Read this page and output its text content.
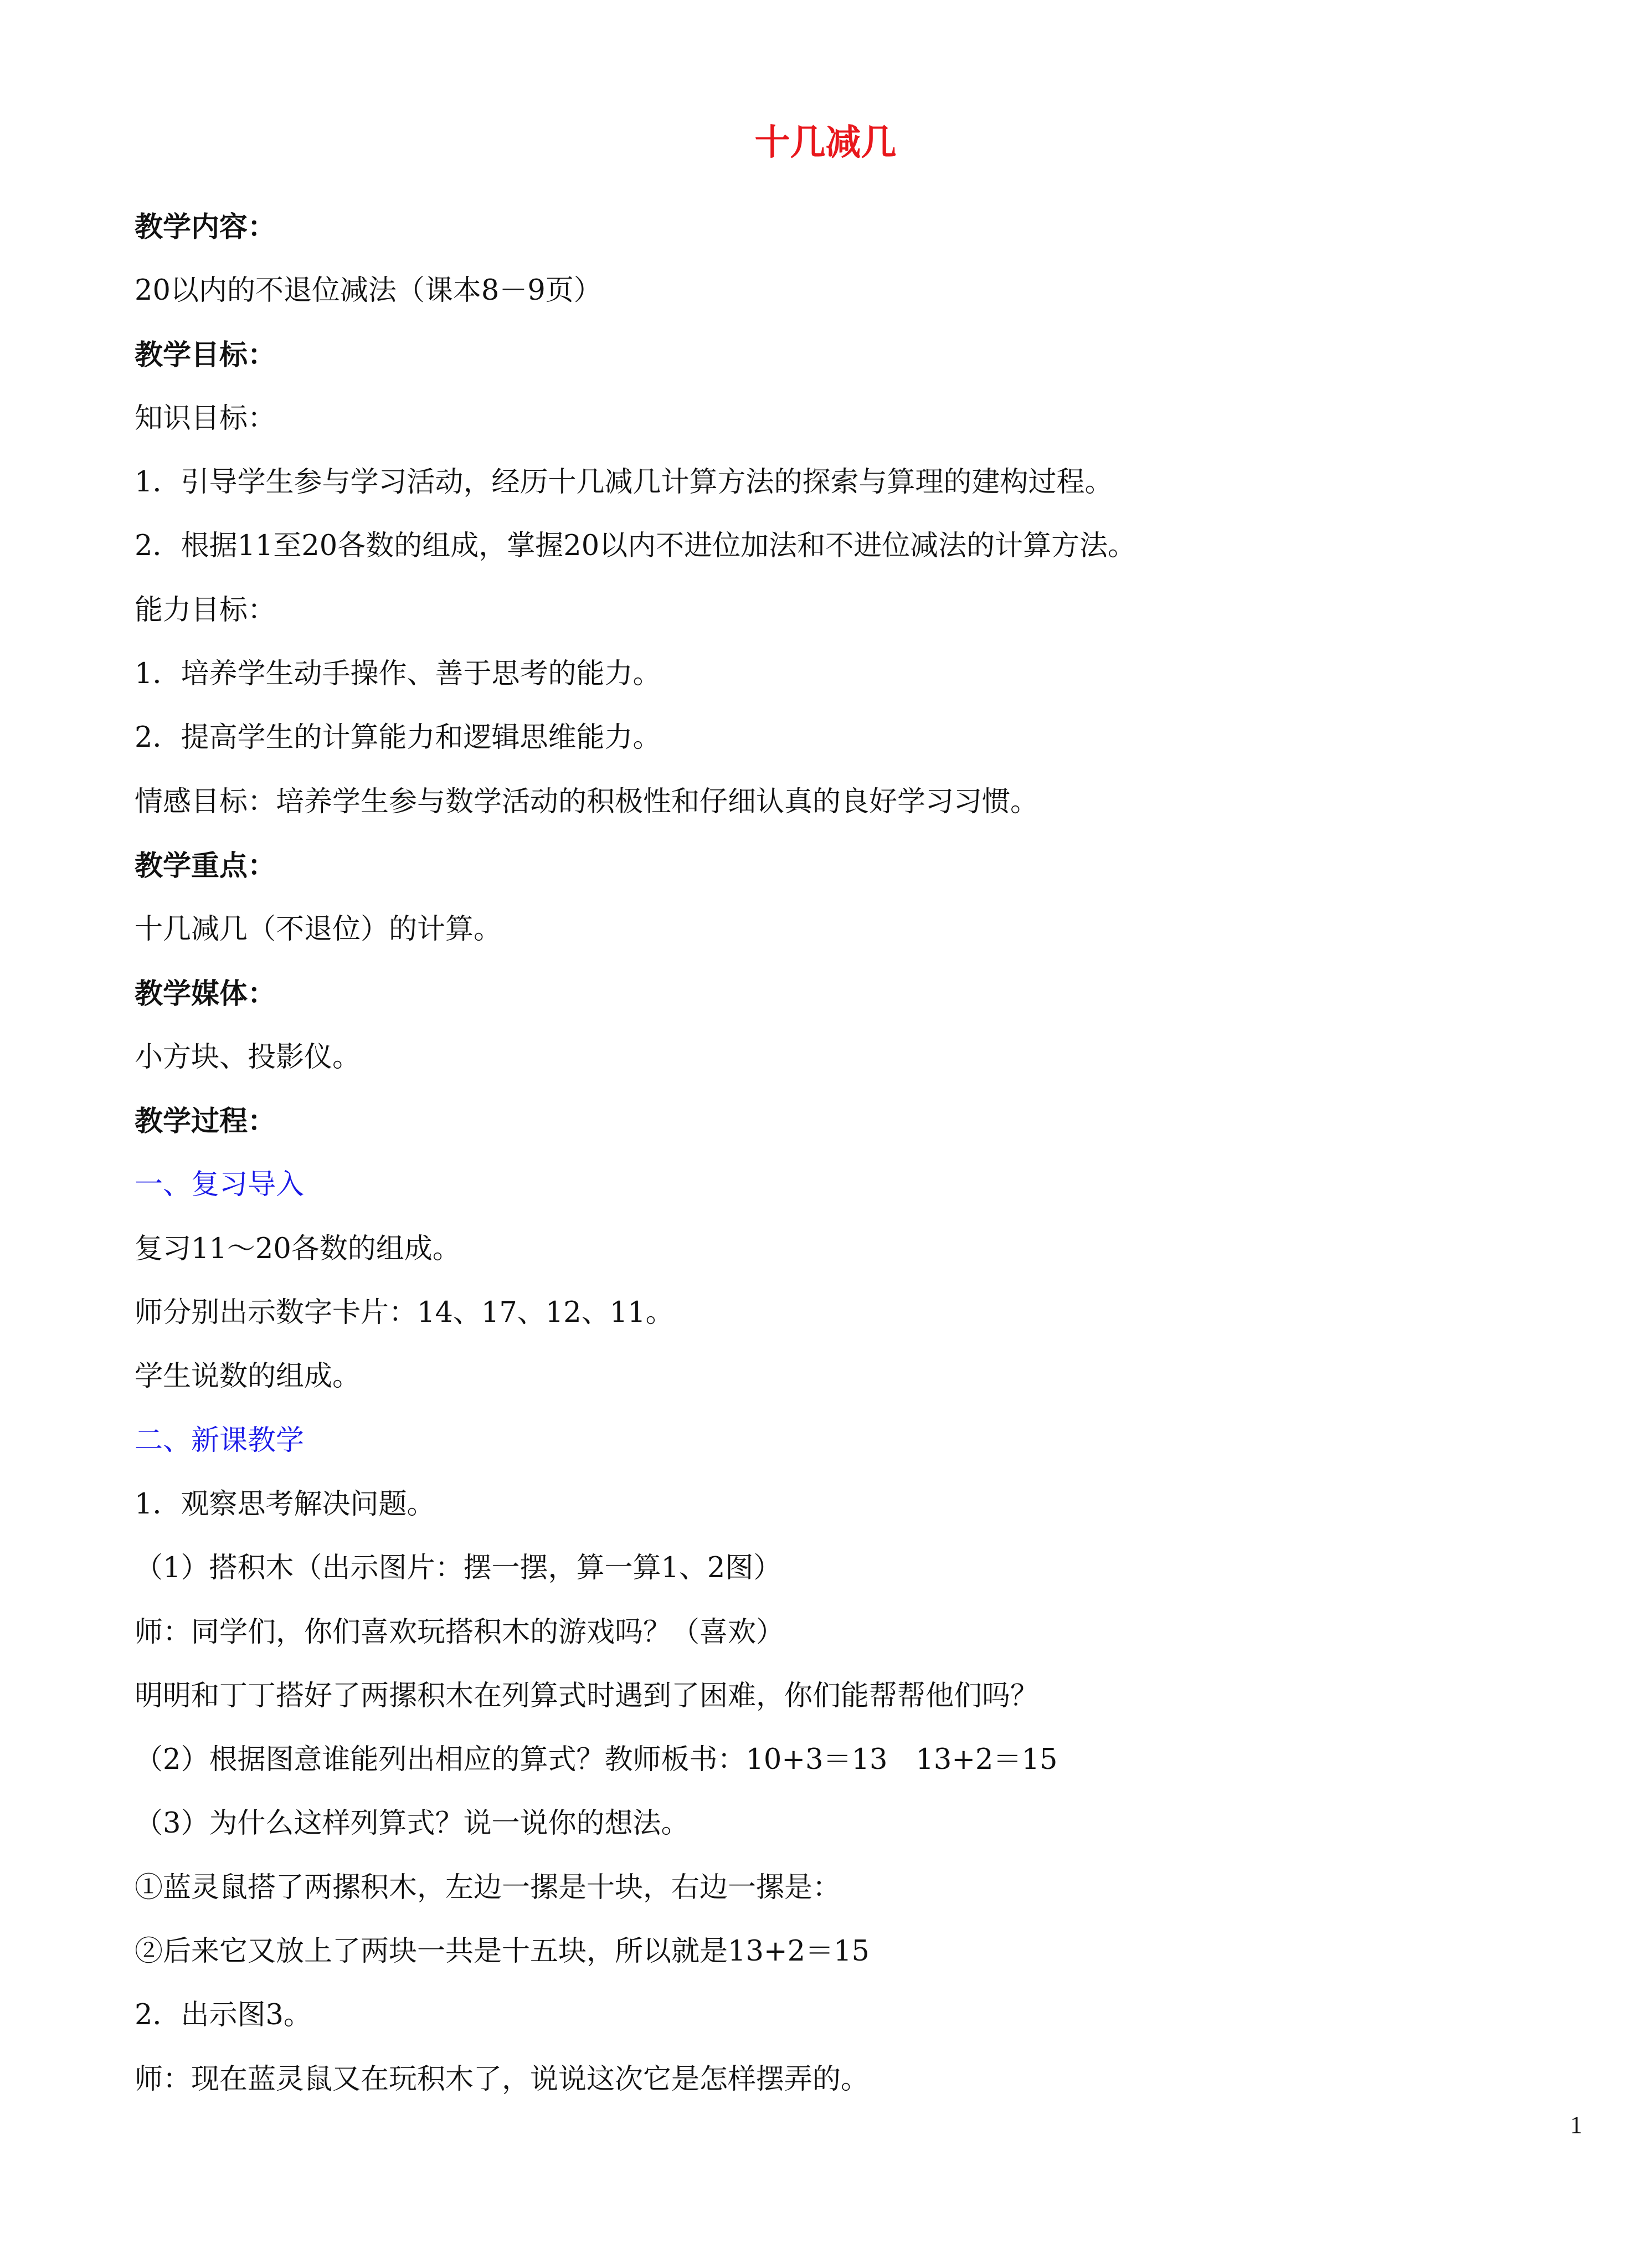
十几减几

教学内容：

20以内的不退位减法（课本8－9页）

教学目标：

知识目标：

1．引导学生参与学习活动，经历十几减几计算方法的探索与算理的建构过程。

2．根据11至20各数的组成，掌握20以内不进位加法和不进位减法的计算方法。

能力目标：

1．培养学生动手操作、善于思考的能力。

2．提高学生的计算能力和逻辑思维能力。

情感目标：培养学生参与数学活动的积极性和仔细认真的良好学习习惯。

教学重点：

十几减几（不退位）的计算。

教学媒体：

小方块、投影仪。

教学过程：

一、复习导入

复习11～20各数的组成。

师分别出示数字卡片：14、17、12、11。

学生说数的组成。

二、新课教学

1．观察思考解决问题。

（1）搭积木（出示图片：摆一摆，算一算1、2图）

师：同学们，你们喜欢玩搭积木的游戏吗？（喜欢）

明明和丁丁搭好了两摞积木在列算式时遇到了困难，你们能帮帮他们吗？

（2）根据图意谁能列出相应的算式？教师板书：10+3＝13　13+2＝15

（3）为什么这样列算式？说一说你的想法。

①蓝灵鼠搭了两摞积木，左边一摞是十块，右边一摞是：

②后来它又放上了两块一共是十五块，所以就是13+2＝15

2．出示图3。

师：现在蓝灵鼠又在玩积木了，说说这次它是怎样摆弄的。

1
